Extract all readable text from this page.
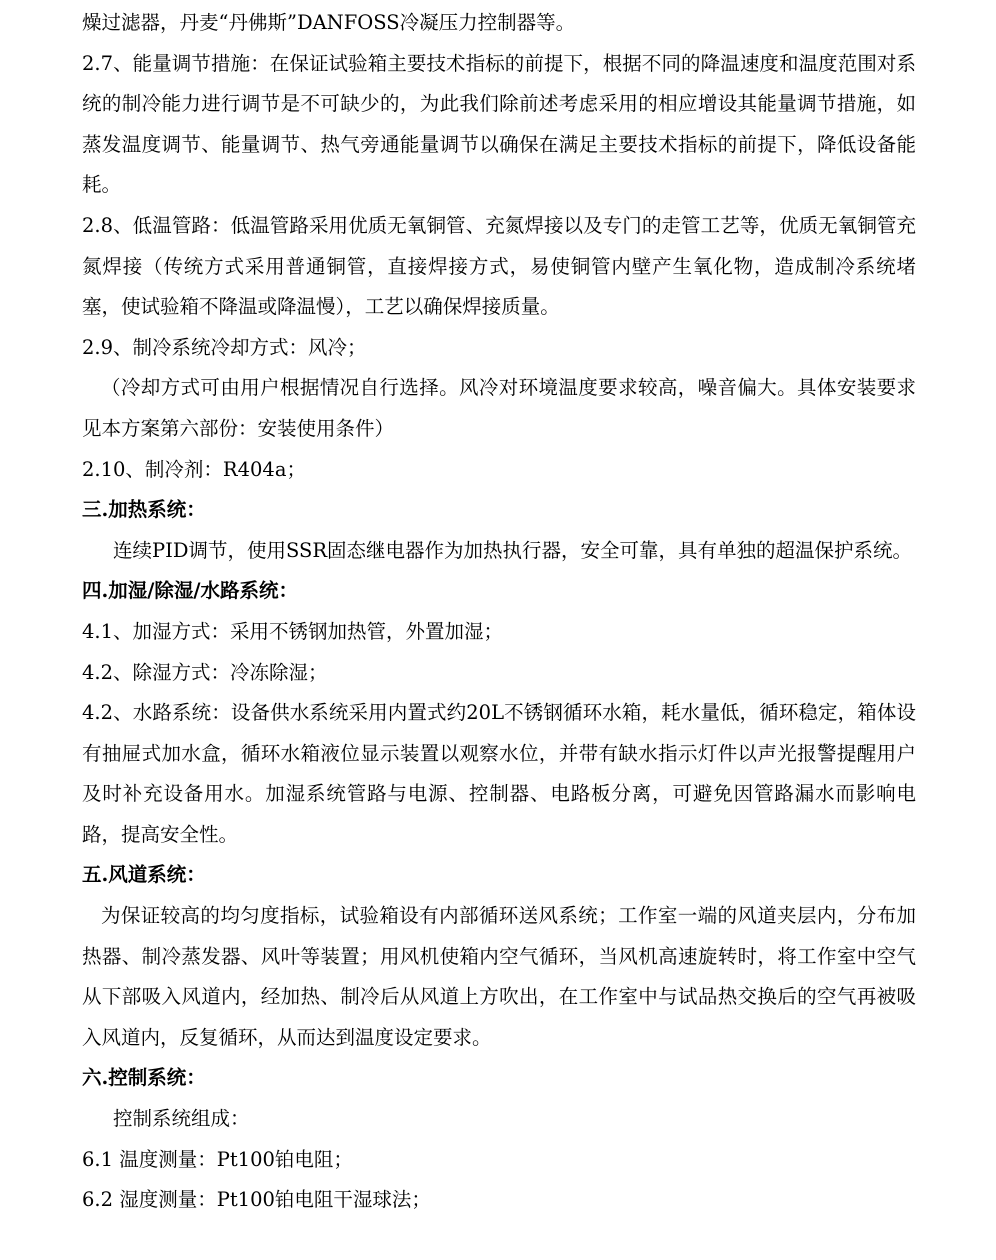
燥过滤器，丹麦“丹佛斯”DANFOSS冷凝压力控制器等。

2.7、能量调节措施：在保证试验箱主要技术指标的前提下，根据不同的降温速度和温度范围对系统的制冷能力进行调节是不可缺少的，为此我们除前述考虑采用的相应增设其能量调节措施，如蒸发温度调节、能量调节、热气旁通能量调节以确保在满足主要技术指标的前提下，降低设备能耗。

2.8、低温管路：低温管路采用优质无氧铜管、充氮焊接以及专门的走管工艺等，优质无氧铜管充氮焊接（传统方式采用普通铜管，直接焊接方式，易使铜管内壁产生氧化物，造成制冷系统堵塞，使试验箱不降温或降温慢），工艺以确保焊接质量。

2.9、制冷系统冷却方式：风冷；

（冷却方式可由用户根据情况自行选择。风冷对环境温度要求较高，噪音偏大。具体安装要求见本方案第六部份：安装使用条件）

2.10、制冷剂：R404a；

三.加热系统：

连续PID调节，使用SSR固态继电器作为加热执行器，安全可靠，具有单独的超温保护系统。

四.加湿/除湿/水路系统：

4.1、加湿方式：采用不锈钢加热管，外置加湿；

4.2、除湿方式：冷冻除湿；

4.2、水路系统：设备供水系统采用内置式约20L不锈钢循环水箱，耗水量低，循环稳定，箱体设有抽屉式加水盒，循环水箱液位显示装置以观察水位，并带有缺水指示灯件以声光报警提醒用户及时补充设备用水。加湿系统管路与电源、控制器、电路板分离，可避免因管路漏水而影响电路，提高安全性。

五.风道系统：

为保证较高的均匀度指标，试验箱设有内部循环送风系统；工作室一端的风道夹层内，分布加热器、制冷蒸发器、风叶等装置；用风机使箱内空气循环，当风机高速旋转时，将工作室中空气从下部吸入风道内，经加热、制冷后从风道上方吹出，在工作室中与试品热交换后的空气再被吸入风道内，反复循环，从而达到温度设定要求。

六.控制系统：

控制系统组成：

6.1 温度测量：Pt100铂电阻；

6.2 湿度测量：Pt100铂电阻干湿球法；
